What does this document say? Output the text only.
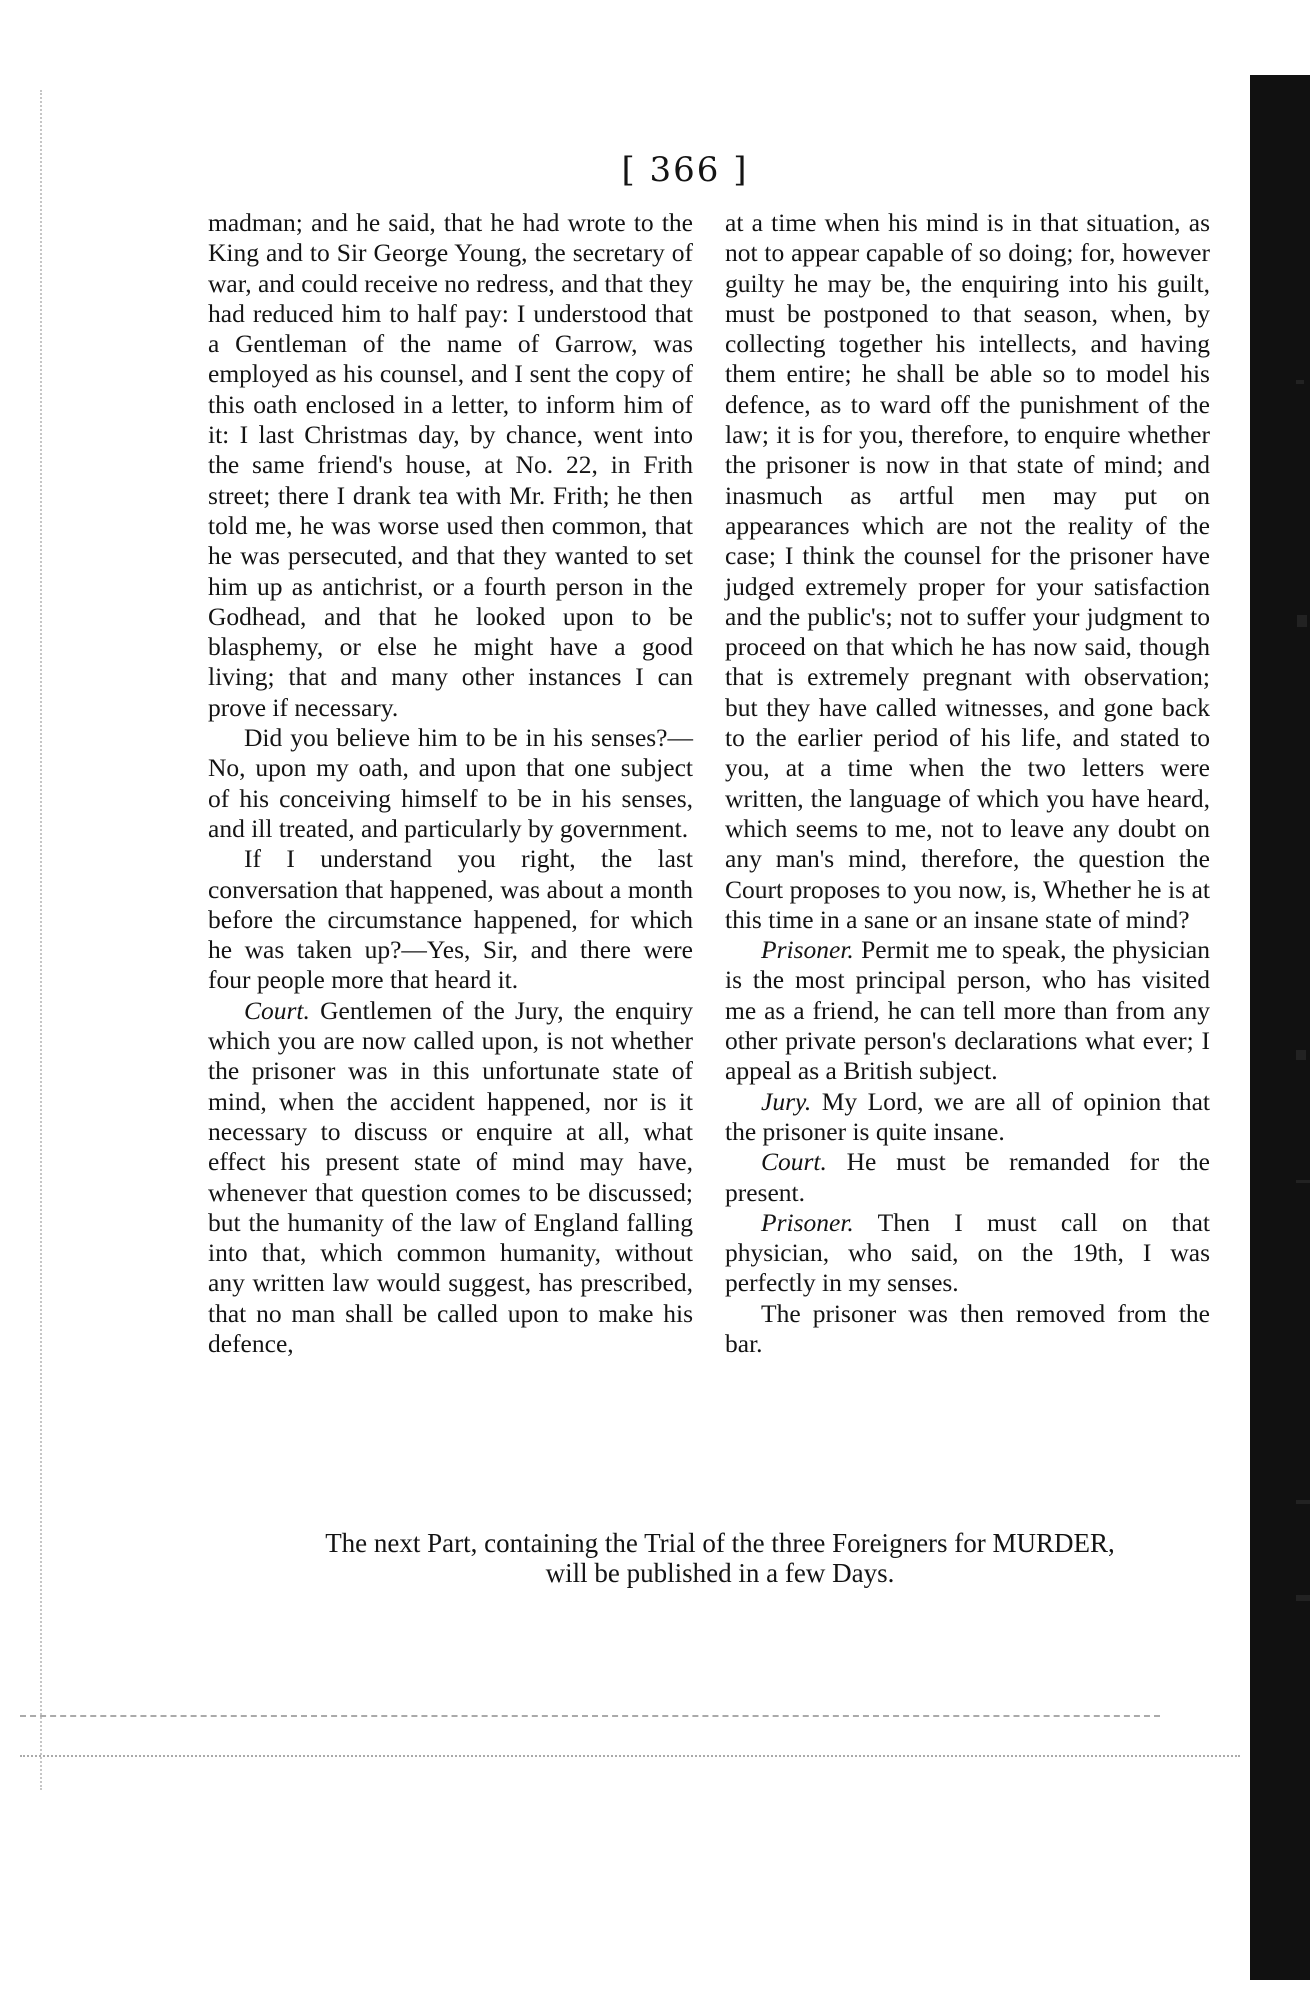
[ 366 ]

madman; and he said, that he had wrote to the King and to Sir George Young, the secretary of war, and could receive no redress, and that they had reduced him to half pay: I understood that a Gentleman of the name of Garrow, was employed as his counsel, and I sent the copy of this oath enclosed in a letter, to inform him of it: I last Christmas day, by chance, went into the same friend's house, at No. 22, in Frith street; there I drank tea with Mr. Frith; he then told me, he was worse used then common, that he was persecuted, and that they wanted to set him up as antichrist, or a fourth person in the Godhead, and that he looked upon to be blasphemy, or else he might have a good living; that and many other instances I can prove if necessary.

Did you believe him to be in his senses?—No, upon my oath, and upon that one subject of his conceiving himself to be in his senses, and ill treated, and particularly by government.

If I understand you right, the last conversation that happened, was about a month before the circumstance happened, for which he was taken up?—Yes, Sir, and there were four people more that heard it.

Court. Gentlemen of the Jury, the enquiry which you are now called upon, is not whether the prisoner was in this unfortunate state of mind, when the accident happened, nor is it necessary to discuss or enquire at all, what effect his present state of mind may have, whenever that question comes to be discussed; but the humanity of the law of England falling into that, which common humanity, without any written law would suggest, has prescribed, that no man shall be called upon to make his defence,

at a time when his mind is in that situation, as not to appear capable of so doing; for, however guilty he may be, the enquiring into his guilt, must be postponed to that season, when, by collecting together his intellects, and having them entire; he shall be able so to model his defence, as to ward off the punishment of the law; it is for you, therefore, to enquire whether the prisoner is now in that state of mind; and inasmuch as artful men may put on appearances which are not the reality of the case; I think the counsel for the prisoner have judged extremely proper for your satisfaction and the public's; not to suffer your judgment to proceed on that which he has now said, though that is extremely pregnant with observation; but they have called witnesses, and gone back to the earlier period of his life, and stated to you, at a time when the two letters were written, the language of which you have heard, which seems to me, not to leave any doubt on any man's mind, therefore, the question the Court proposes to you now, is, Whether he is at this time in a sane or an insane state of mind?

Prisoner. Permit me to speak, the physician is the most principal person, who has visited me as a friend, he can tell more than from any other private person's declarations what ever; I appeal as a British subject.

Jury. My Lord, we are all of opinion that the prisoner is quite insane.

Court. He must be remanded for the present.

Prisoner. Then I must call on that physician, who said, on the 19th, I was perfectly in my senses.

The prisoner was then removed from the bar.

The next Part, containing the Trial of the three Foreigners for MURDER,
will be published in a few Days.
